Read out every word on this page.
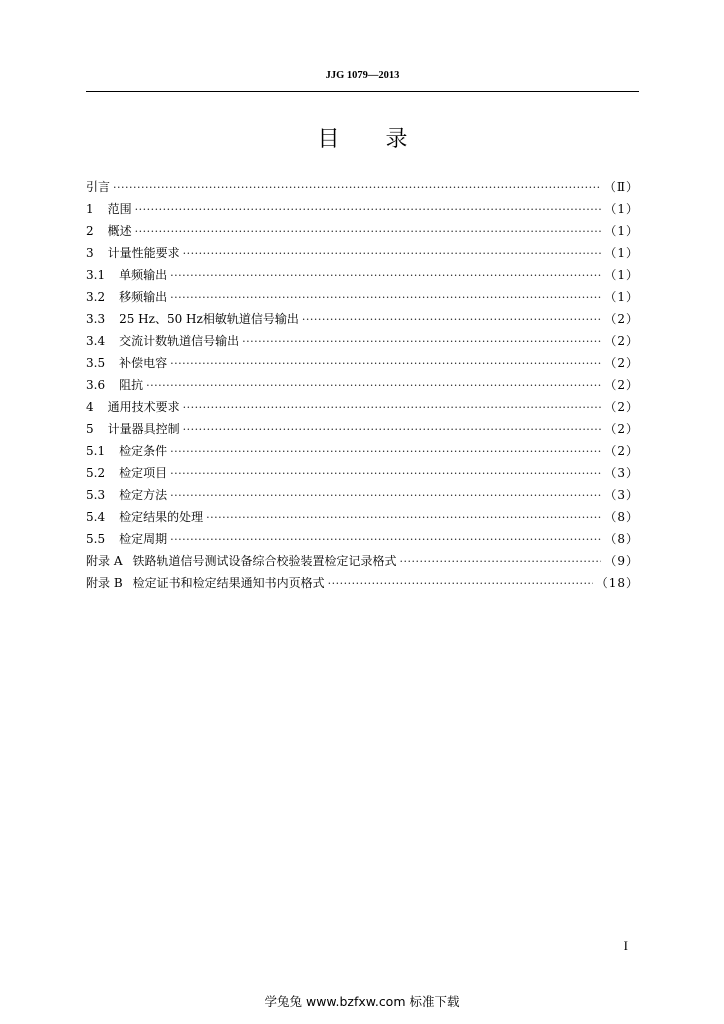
JJG 1079—2013
目录
引言 ·····	（Ⅱ）
1 范围 ·····	（1）
2 概述 ·····	（1）
3 计量性能要求 ·····	（1）
3.1 单频输出 ·····	（1）
3.2 移频输出 ·····	（1）
3.3 25 Hz、50 Hz相敏轨道信号输出 ·····	（2）
3.4 交流计数轨道信号输出 ·····	（2）
3.5 补偿电容 ·····	（2）
3.6 阻抗 ·····	（2）
4 通用技术要求 ·····	（2）
5 计量器具控制 ·····	（2）
5.1 检定条件 ·····	（2）
5.2 检定项目 ·····	（3）
5.3 检定方法 ·····	（3）
5.4 检定结果的处理 ·····	（8）
5.5 检定周期 ·····	（8）
附录 A 铁路轨道信号测试设备综合校验装置检定记录格式 ·····	（9）
附录 B 检定证书和检定结果通知书内页格式 ·····	（18）
I
学兔兔 www.bzfxw.com 标准下载
